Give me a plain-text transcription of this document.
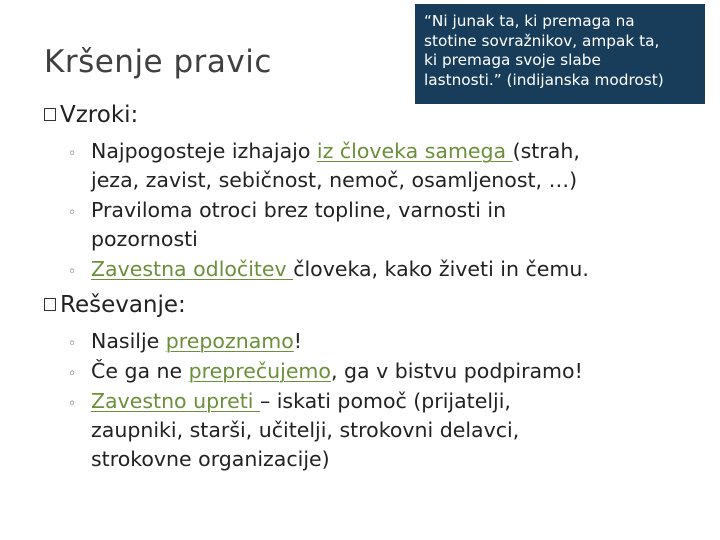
Kršenje pravic
“Ni junak ta, ki premaga na
stotine sovražnikov, ampak ta,
ki premaga svoje slabe
lastnosti.” (indijanska modrost)
Vzroki:
◦ Najpogosteje izhajajo iz človeka samega (strah,
jeza, zavist, sebičnost, nemoč, osamljenost, …)
◦ Praviloma otroci brez topline, varnosti in
pozornosti
◦ Zavestna odločitev človeka, kako živeti in čemu.
Reševanje:
◦ Nasilje prepoznamo!
◦ Če ga ne preprečujemo, ga v bistvu podpiramo!
◦ Zavestno upreti – iskati pomoč (prijatelji,
zaupniki, starši, učitelji, strokovni delavci,
strokovne organizacije)
